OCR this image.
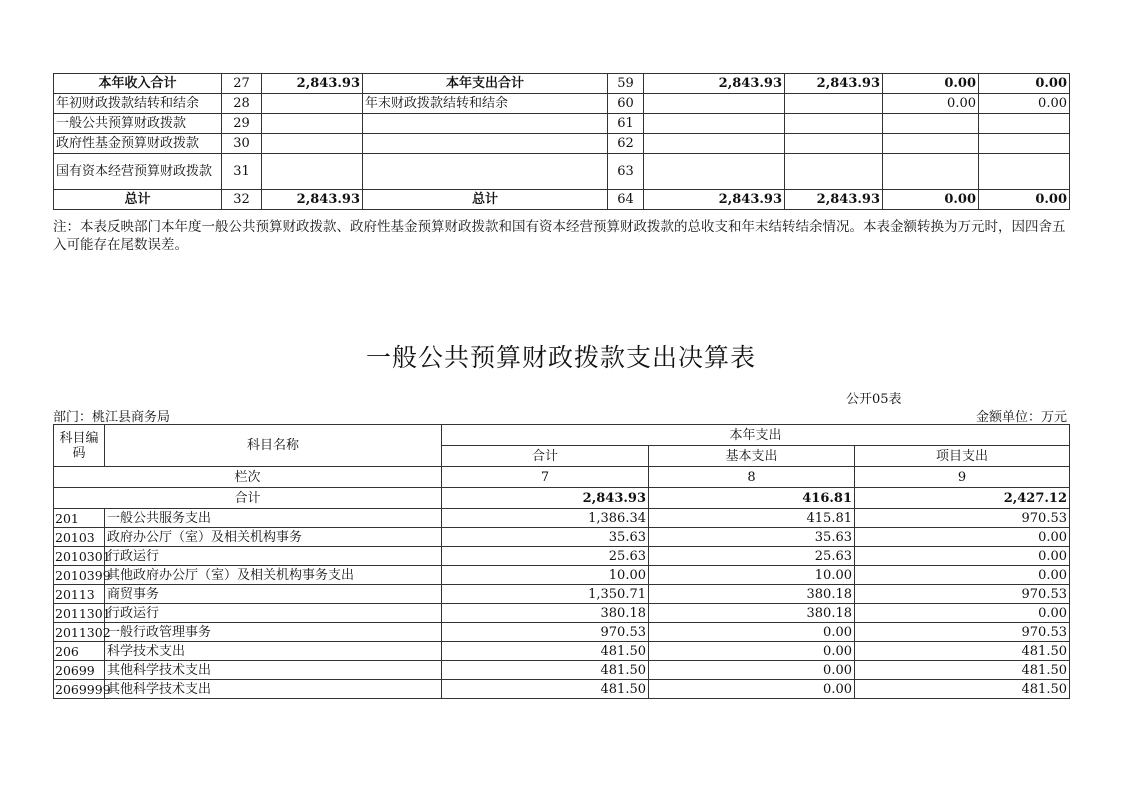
本年收入合计	27	2,843.93	本年支出合计	59	2,843.93	2,843.93	0.00	0.00
年初财政拨款结转和结余	28		年末财政拨款结转和结余	60			0.00	0.00
一般公共预算财政拨款	29			61				
政府性基金预算财政拨款	30			62				
国有资本经营预算财政拨款	31			63				
总计	32	2,843.93	总计	64	2,843.93	2,843.93	0.00	0.00
注：本表反映部门本年度一般公共预算财政拨款、政府性基金预算财政拨款和国有资本经营预算财政拨款的总收支和年末结转结余情况。本表金额转换为万元时，因四舍五入可能存在尾数误差。
一般公共预算财政拨款支出决算表
公开05表
部门：桃江县商务局	金额单位：万元
科目编码	科目名称	本年支出		
		合计	基本支出	项目支出
栏次		7	8	9
合计		2,843.93	416.81	2,427.12
201	一般公共服务支出	1,386.34	415.81	970.53
20103	政府办公厅（室）及相关机构事务	35.63	35.63	0.00
2010301	行政运行	25.63	25.63	0.00
2010399	其他政府办公厅（室）及相关机构事务支出	10.00	10.00	0.00
20113	商贸事务	1,350.71	380.18	970.53
2011301	行政运行	380.18	380.18	0.00
2011302	一般行政管理事务	970.53	0.00	970.53
206	科学技术支出	481.50	0.00	481.50
20699	其他科学技术支出	481.50	0.00	481.50
2069999	其他科学技术支出	481.50	0.00	481.50
